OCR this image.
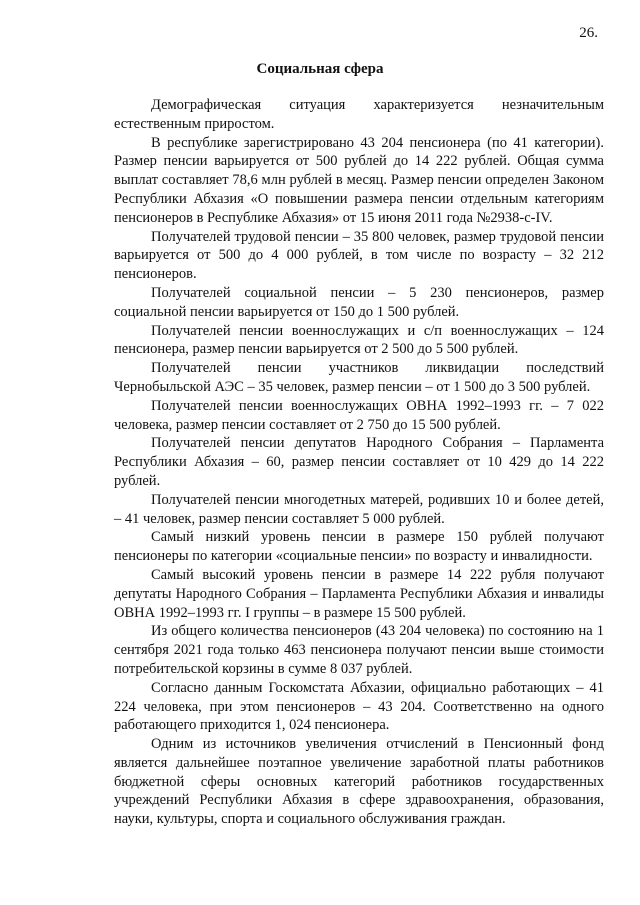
26.
Социальная сфера

Демографическая ситуация характеризуется незначительным естественным приростом.

В республике зарегистрировано 43 204 пенсионера (по 41 категории). Размер пенсии варьируется от 500 рублей до 14 222 рублей. Общая сумма выплат составляет 78,6 млн рублей в месяц. Размер пенсии определен Законом Республики Абхазия «О повышении размера пенсии отдельным категориям пенсионеров в Республике Абхазия» от 15 июня 2011 года №2938-с-IV.

Получателей трудовой пенсии – 35 800 человек, размер трудовой пенсии варьируется от 500 до 4 000 рублей, в том числе по возрасту – 32 212 пенсионеров.

Получателей социальной пенсии – 5 230 пенсионеров, размер социальной пенсии варьируется от 150 до 1 500 рублей.

Получателей пенсии военнослужащих и с/п военнослужащих – 124 пенсионера, размер пенсии варьируется от 2 500 до 5 500 рублей.

Получателей пенсии участников ликвидации последствий Чернобыльской АЭС – 35 человек, размер пенсии – от 1 500 до 3 500 рублей.

Получателей пенсии военнослужащих ОВНА 1992–1993 гг. – 7 022 человека, размер пенсии составляет от 2 750 до 15 500 рублей.

Получателей пенсии депутатов Народного Собрания – Парламента Республики Абхазия – 60, размер пенсии составляет от 10 429 до 14 222 рублей.

Получателей пенсии многодетных матерей, родивших 10 и более детей, – 41 человек, размер пенсии составляет 5 000 рублей.

Самый низкий уровень пенсии в размере 150 рублей получают пенсионеры по категории «социальные пенсии» по возрасту и инвалидности.

Самый высокий уровень пенсии в размере 14 222 рубля получают депутаты Народного Собрания – Парламента Республики Абхазия и инвалиды ОВНА 1992–1993 гг. I группы – в размере 15 500 рублей.

Из общего количества пенсионеров (43 204 человека) по состоянию на 1 сентября 2021 года только 463 пенсионера получают пенсии выше стоимости потребительской корзины в сумме 8 037 рублей.

Согласно данным Госкомстата Абхазии, официально работающих – 41 224 человека, при этом пенсионеров – 43 204. Соответственно на одного работающего приходится 1, 024 пенсионера.

Одним из источников увеличения отчислений в Пенсионный фонд является дальнейшее поэтапное увеличение заработной платы работников бюджетной сферы основных категорий работников государственных учреждений Республики Абхазия в сфере здравоохранения, образования, науки, культуры, спорта и социального обслуживания граждан.
